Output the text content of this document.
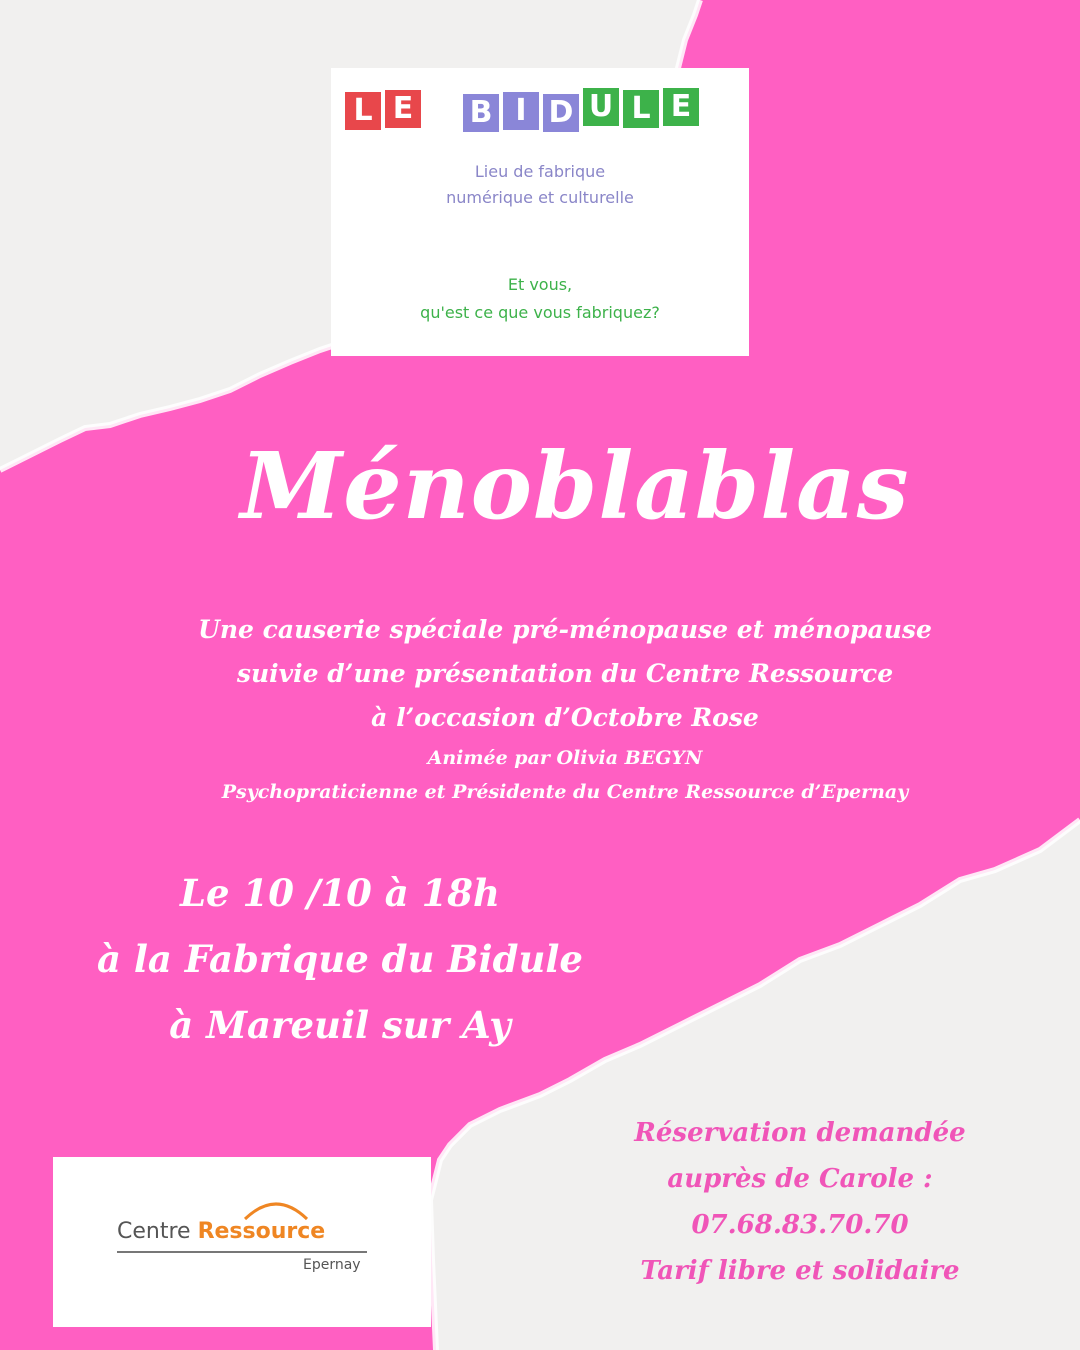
L E B I D U L E
Lieu de fabrique
numérique et culturelle
Et vous,
qu'est ce que vous fabriquez?
Ménoblablas
Une causerie spéciale pré-ménopause et ménopause
suivie d’une présentation du Centre Ressource
à l’occasion d’Octobre Rose
Animée par Olivia BEGYN
Psychopraticienne et Présidente du Centre Ressource d’Epernay
Le 10 /10 à 18h
à la Fabrique du Bidule
à Mareuil sur Ay
Centre Ressource
Epernay
Réservation demandée
auprès de Carole :
07.68.83.70.70
Tarif libre et solidaire
